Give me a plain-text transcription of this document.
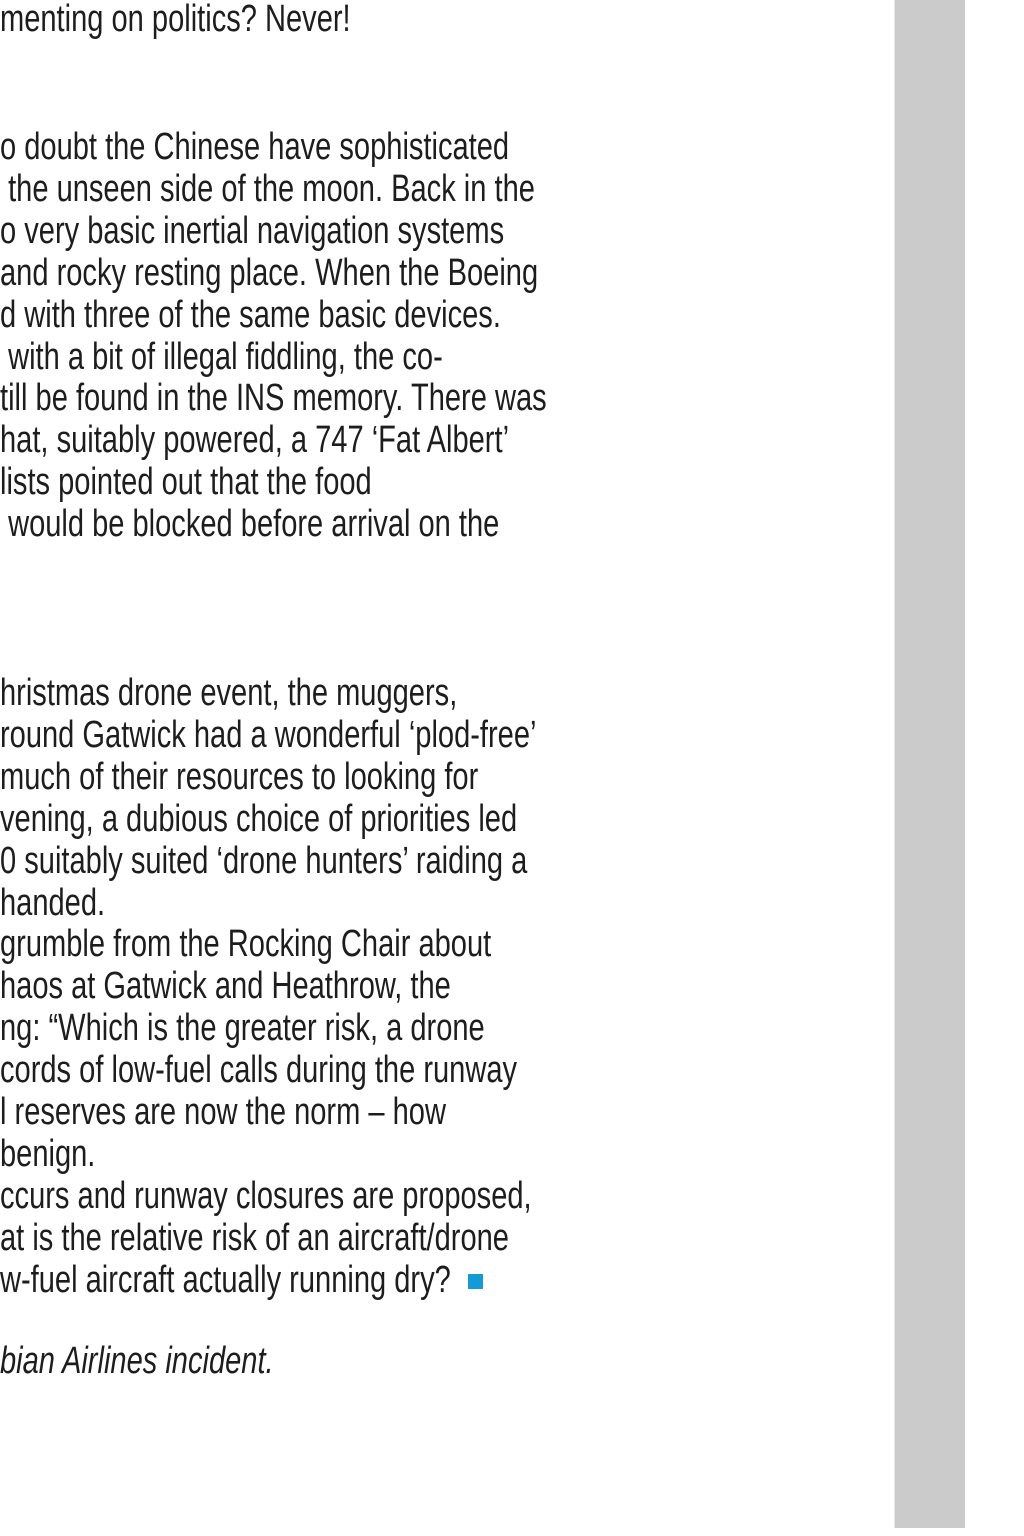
menting on politics? Never!
o doubt the Chinese have sophisticated
the unseen side of the moon. Back in the
o very basic inertial navigation systems
and rocky resting place. When the Boeing
d with three of the same basic devices.
with a bit of illegal fiddling, the co-
till be found in the INS memory. There was
hat, suitably powered, a 747 ‘Fat Albert’
lists pointed out that the food
would be blocked before arrival on the
hristmas drone event, the muggers,
round Gatwick had a wonderful ‘plod-free’
much of their resources to looking for
vening, a dubious choice of priorities led
0 suitably suited ‘drone hunters’ raiding a
handed.
grumble from the Rocking Chair about
haos at Gatwick and Heathrow, the
ng: “Which is the greater risk, a drone
cords of low-fuel calls during the runway
l reserves are now the norm – how
benign.
ccurs and runway closures are proposed,
at is the relative risk of an aircraft/drone
w-fuel aircraft actually running dry?
bian Airlines incident.
